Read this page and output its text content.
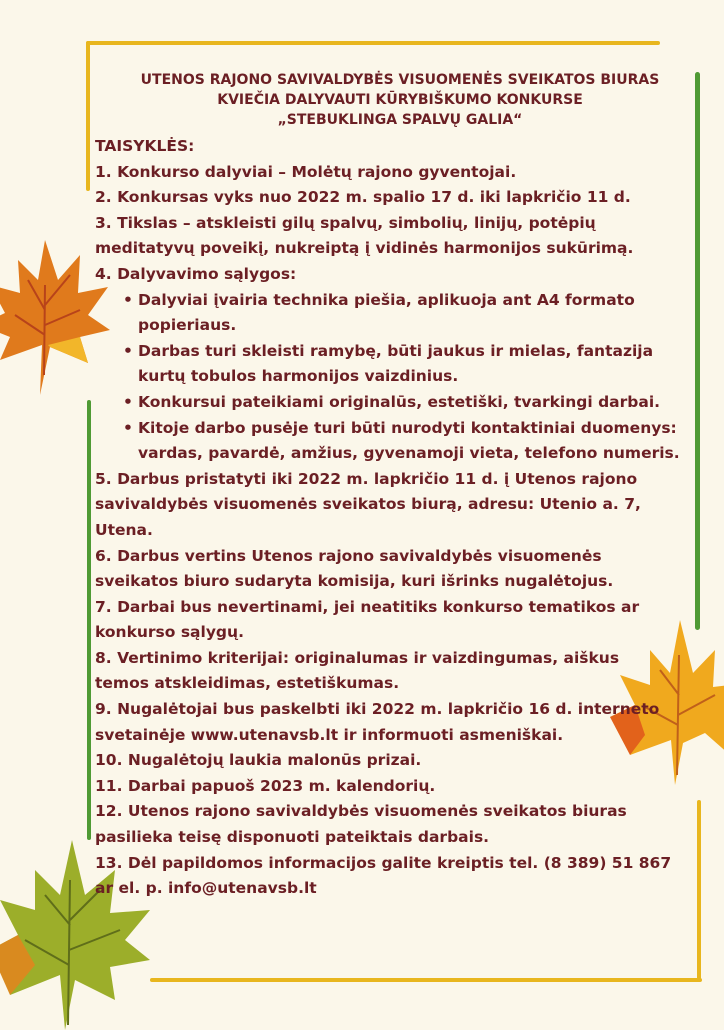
UTENOS RAJONO SAVIVALDYBĖS VISUOMENĖS SVEIKATOS BIURAS
KVIEČIA DALYVAUTI KŪRYBIŠKUMO KONKURSE
„STEBUKLINGA SPALVŲ GALIA“
TAISYKLĖS:
1. Konkurso dalyviai – Molėtų rajono gyventojai.
2. Konkursas vyks nuo 2022 m. spalio 17 d. iki lapkričio 11 d.
3. Tikslas – atskleisti gilų spalvų, simbolių, linijų, potėpių
meditatyvų poveikį, nukreiptą į vidinės harmonijos sukūrimą.
4. Dalyvavimo sąlygos:
• Dalyviai įvairia technika piešia, aplikuoja ant A4 formato
popieriaus.
• Darbas turi skleisti ramybę, būti jaukus ir mielas, fantazija
kurtų tobulos harmonijos vaizdinius.
• Konkursui pateikiami originalūs, estetiški, tvarkingi darbai.
• Kitoje darbo pusėje turi būti nurodyti kontaktiniai duomenys:
vardas, pavardė, amžius, gyvenamoji vieta, telefono numeris.
5. Darbus pristatyti iki 2022 m. lapkričio 11 d. į Utenos rajono
savivaldybės visuomenės sveikatos biurą, adresu: Utenio a. 7,
Utena.
6. Darbus vertins Utenos rajono savivaldybės visuomenės
sveikatos biuro sudaryta komisija, kuri išrinks nugalėtojus.
7. Darbai bus nevertinami, jei neatitiks konkurso tematikos ar
konkurso sąlygų.
8. Vertinimo kriterijai: originalumas ir vaizdingumas, aiškus
temos atskleidimas, estetiškumas.
9. Nugalėtojai bus paskelbti iki 2022 m. lapkričio 16 d. interneto
svetainėje www.utenavsb.lt ir informuoti asmeniškai.
10. Nugalėtojų laukia malonūs prizai.
11. Darbai papuoš 2023 m. kalendorių.
12. Utenos rajono savivaldybės visuomenės sveikatos biuras
pasilieka teisę disponuoti pateiktais darbais.
13. Dėl papildomos informacijos galite kreiptis tel. (8 389) 51 867
ar el. p. info@utenavsb.lt
